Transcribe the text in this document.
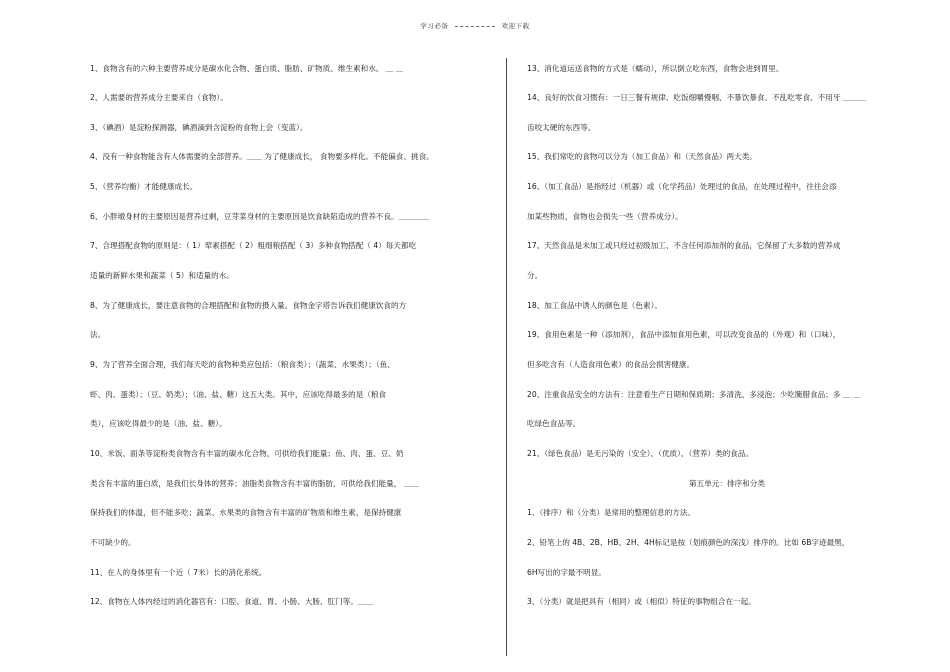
学习必备	欢迎下载
1、食物含有的六种主要营养成分是碳水化合物、蛋白质、脂肪、矿物质、维生素和水。 ＿ ＿
2、人需要的营养成分主要来自（食物）。
3、（碘酒）是淀粉探测器，碘酒滴到含淀粉的食物上会（变蓝）。
4、没有一种食物能含有人体需要的全部营养。＿＿ 为了健康成长， 食物要多样化。不能偏食、挑食。
5、（营养均衡）才能健康成长。
6、小胖墩身材的主要原因是营养过剩，豆芽菜身材的主要原因是饮食缺陷造成的营养不良。＿＿＿＿
7、合理搭配食物的原则是：（ 1）荤素搭配（ 2）粗细粮搭配（ 3）多种食物搭配（ 4）每天都吃
适量的新鲜水果和蔬菜（ 5）和适量的水。
8、为了健康成长，要注意食物的合理搭配和食物的摄入量。食物金字塔告诉我们健康饮食的方
法。
9、为了营养全面合理，我们每天吃的食物种类应包括：（粮食类）；（蔬菜、水果类）；（鱼、
虾、肉、蛋类）；（豆、奶类）；（油、盐、糖）这五大类。其中，应该吃得最多的是（粮食
类），应该吃得最少的是（油、盐、糖）。
10、米饭、面条等淀粉类食物含有丰富的碳水化合物，可供给我们能量；鱼、肉、蛋、豆、奶
类含有丰富的蛋白质，是我们长身体的营养；油脂类食物含有丰富的脂肪，可供给我们能量， ＿＿
保持我们的体温，但不能多吃；蔬菜、水果类的食物含有丰富的矿物质和维生素，是保持健康
不可缺少的。
11、在人的身体里有一个近（ 7米）长的消化系统。
12、食物在人体内经过的消化器官有：口腔、食道、胃、小肠、大肠、肛门等。＿＿
13、消化道运送食物的方式是（蠕动），所以倒立吃东西，食物会进到胃里。
14、良好的饮食习惯有：一日三餐有规律、吃饭细嚼慢咽、不暴饮暴食、不乱吃零食、不用牙 ＿＿＿
齿咬太硬的东西等。
15、我们常吃的食物可以分为（加工食品）和（天然食品）两大类。
16、（加工食品）是指经过（机器）或（化学药品）处理过的食品，在处理过程中，往往会添
加某些物质，食物也会损失一些（营养成分）。
17、天然食品是未加工或只经过初级加工、不含任何添加剂的食品，它保留了大多数的营养成
分。
18、加工食品中诱人的颜色是（色素）。
19、食用色素是一种（添加剂），食品中添加食用色素，可以改变食品的（外观）和（口味），
但多吃含有（人造食用色素）的食品会损害健康。
20、注重食品安全的方法有：注意看生产日期和保质期；多清洗，多浸泡；少吃腌腊食品；多 ＿ ＿
吃绿色食品等。
21、（绿色食品）是无污染的（安全）、（优质）、（营养）类的食品。
第五单元：排序和分类
1、（排序）和（分类）是常用的整理信息的方法。
2、铅笔上的 4B、2B、HB、2H、4H标记是按（划痕颜色的深浅）排序的。比如 6B字迹最黑，
6H写出的字最不明显。
3、（分类）就是把具有（相同）或（相似）特征的事物组合在一起。
